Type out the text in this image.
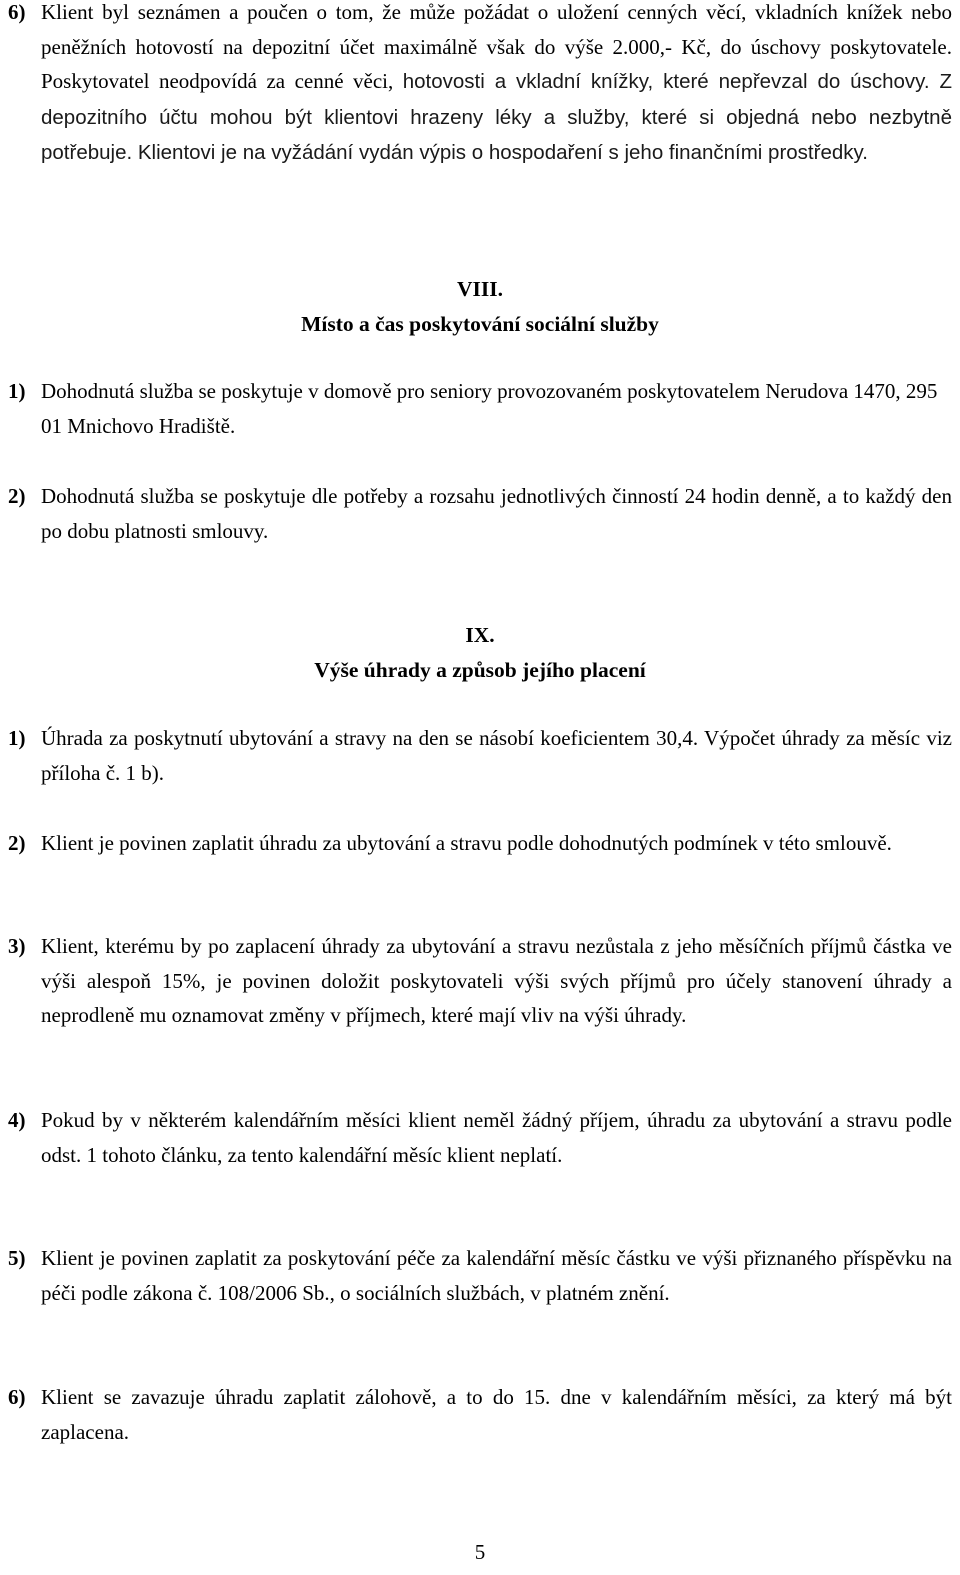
6) Klient byl seznámen a poučen o tom, že může požádat o uložení cenných věcí, vkladních knížek nebo peněžních hotovostí na depozitní účet maximálně však do výše 2.000,- Kč, do úschovy poskytovatele. Poskytovatel neodpovídá za cenné věci, hotovosti a vkladní knížky, které nepřevzal do úschovy. Z depozitního účtu mohou být klientovi hrazeny léky a služby, které si objedná nebo nezbytně potřebuje. Klientovi je na vyžádání vydán výpis o hospodaření s jeho finančními prostředky.
VIII.
Místo a čas poskytování sociální služby
1) Dohodnutá služba se poskytuje v domově pro seniory provozovaném poskytovatelem Nerudova 1470, 295 01 Mnichovo Hradiště.
2) Dohodnutá služba se poskytuje dle potřeby a rozsahu jednotlivých činností 24 hodin denně, a to každý den po dobu platnosti smlouvy.
IX.
Výše úhrady a způsob jejího placení
1) Úhrada za poskytnutí ubytování a stravy na den se násobí koeficientem 30,4. Výpočet úhrady za měsíc viz příloha č. 1 b).
2) Klient je povinen zaplatit úhradu za ubytování a stravu podle dohodnutých podmínek v této smlouvě.
3) Klient, kterému by po zaplacení úhrady za ubytování a stravu nezůstala z jeho měsíčních příjmů částka ve výši alespoň 15%, je povinen doložit poskytovateli výši svých příjmů pro účely stanovení úhrady a neprodleně mu oznamovat změny v příjmech, které mají vliv na výši úhrady.
4) Pokud by v některém kalendářním měsíci klient neměl žádný příjem, úhradu za ubytování a stravu podle odst. 1 tohoto článku, za tento kalendářní měsíc klient neplatí.
5) Klient je povinen zaplatit za poskytování péče za kalendářní měsíc částku ve výši přiznaného příspěvku na péči podle zákona č. 108/2006 Sb., o sociálních službách, v platném znění.
6) Klient se zavazuje úhradu zaplatit zálohově, a to do 15. dne v kalendářním měsíci, za který má být zaplacena.
5
